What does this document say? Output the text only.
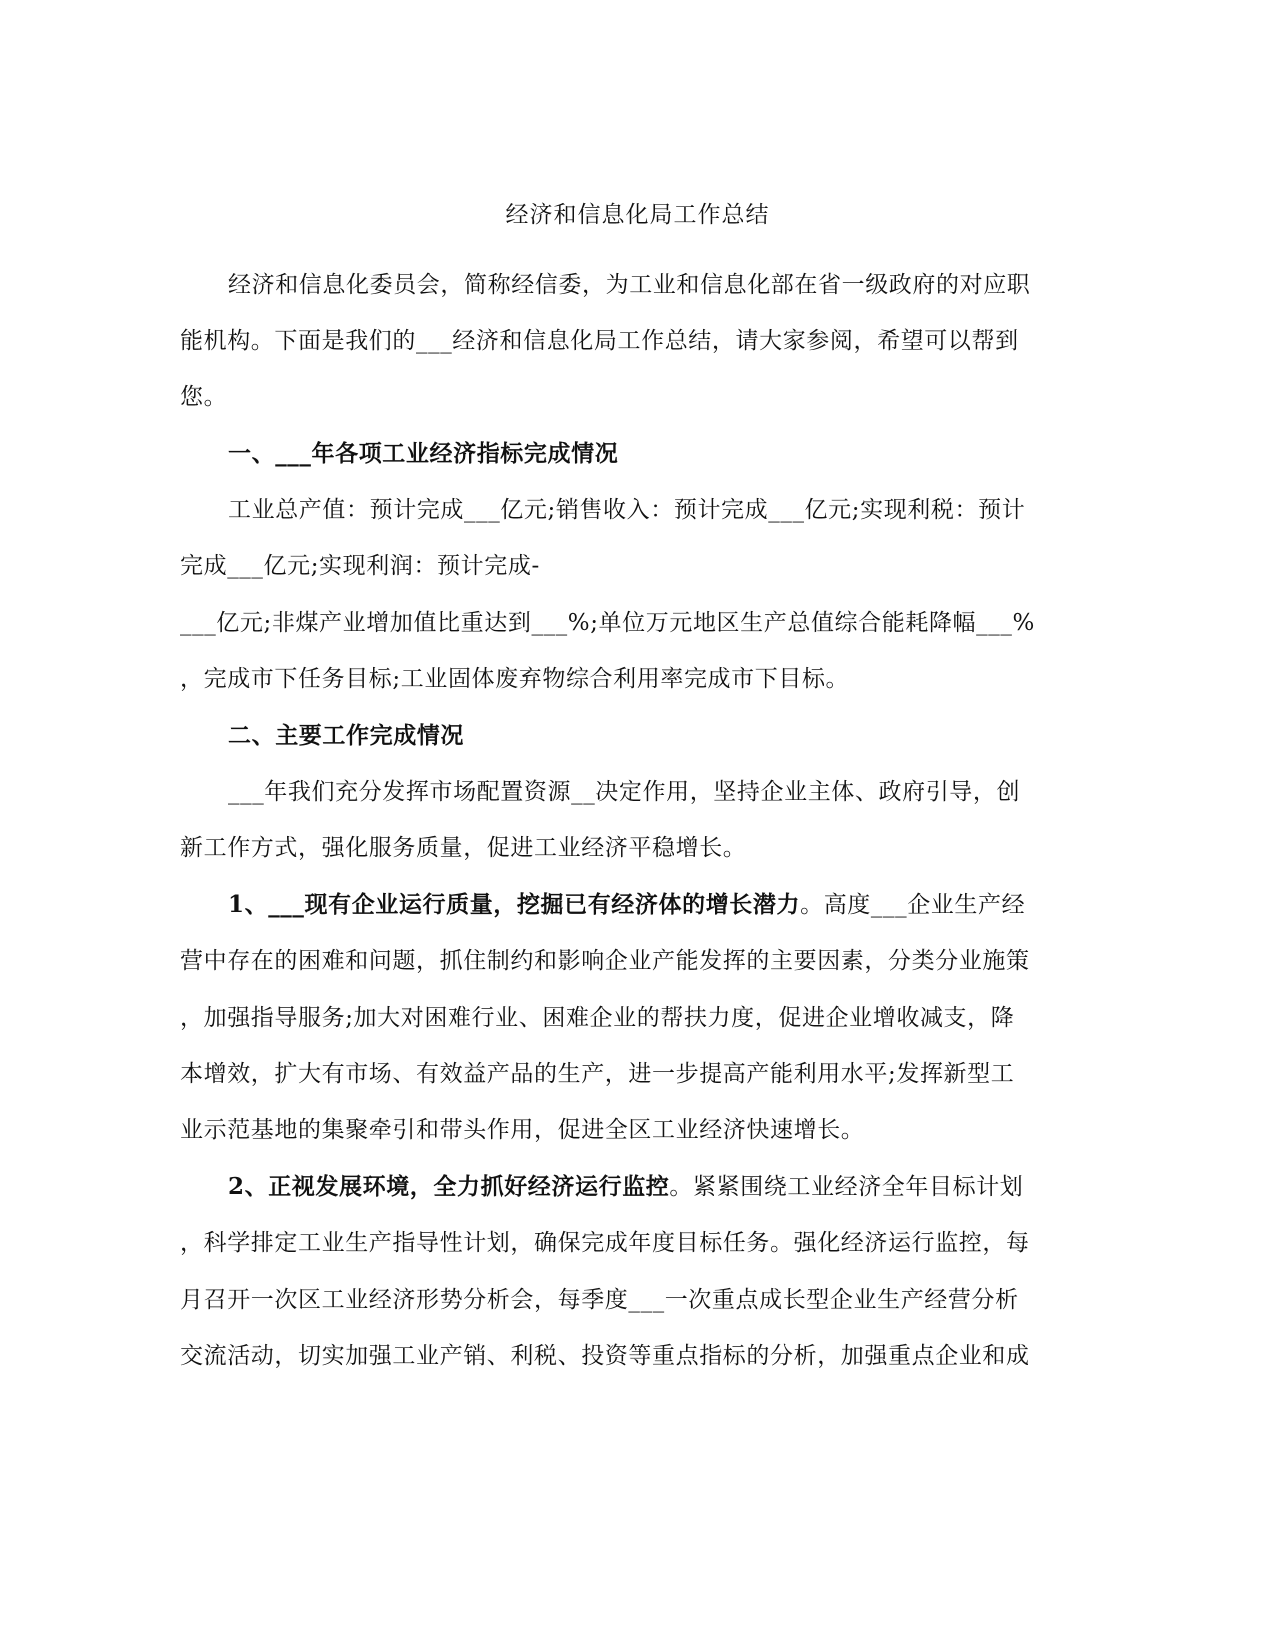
经济和信息化局工作总结

经济和信息化委员会，简称经信委，为工业和信息化部在省一级政府的对应职

能机构。下面是我们的___经济和信息化局工作总结，请大家参阅，希望可以帮到

您。

一、___年各项工业经济指标完成情况

工业总产值：预计完成___亿元;销售收入：预计完成___亿元;实现利税：预计

完成___亿元;实现利润：预计完成-

___亿元;非煤产业增加值比重达到___%;单位万元地区生产总值综合能耗降幅___%

，完成市下任务目标;工业固体废弃物综合利用率完成市下目标。

二、主要工作完成情况

___年我们充分发挥市场配置资源__决定作用，坚持企业主体、政府引导，创

新工作方式，强化服务质量，促进工业经济平稳增长。

1、___现有企业运行质量，挖掘已有经济体的增长潜力。高度___企业生产经

营中存在的困难和问题，抓住制约和影响企业产能发挥的主要因素，分类分业施策

，加强指导服务;加大对困难行业、困难企业的帮扶力度，促进企业增收减支，降

本增效，扩大有市场、有效益产品的生产，进一步提高产能利用水平;发挥新型工

业示范基地的集聚牵引和带头作用，促进全区工业经济快速增长。

2、正视发展环境，全力抓好经济运行监控。紧紧围绕工业经济全年目标计划

，科学排定工业生产指导性计划，确保完成年度目标任务。强化经济运行监控，每

月召开一次区工业经济形势分析会，每季度___一次重点成长型企业生产经营分析

交流活动，切实加强工业产销、利税、投资等重点指标的分析，加强重点企业和成
